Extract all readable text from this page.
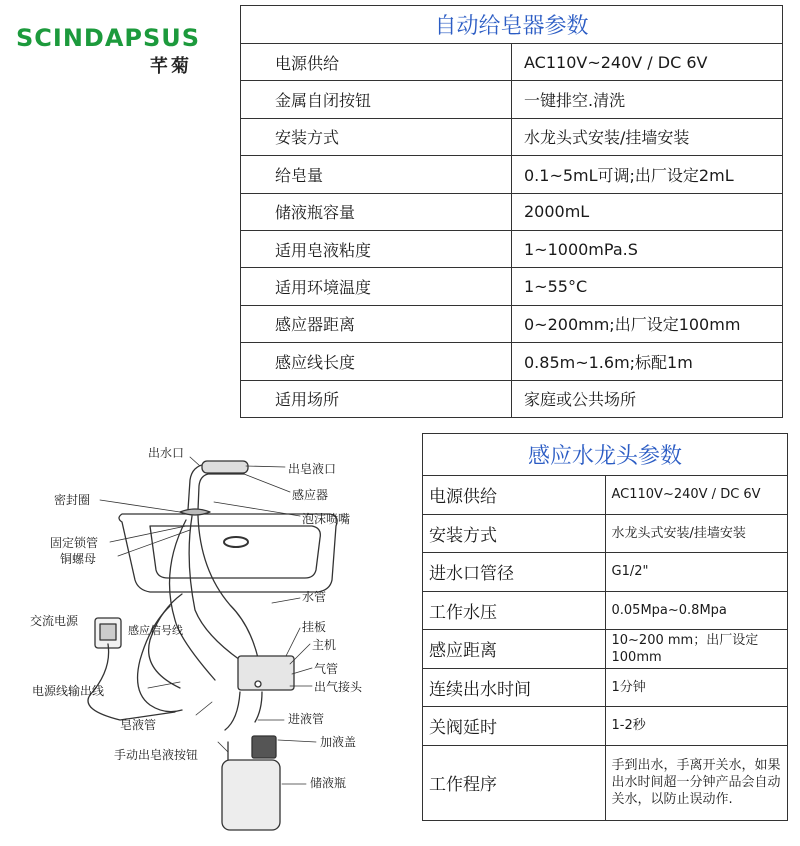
SCINDAPSUS
芊菊
自动给皂器参数	
电源供给	AC110V~240V / DC 6V
金属自闭按钮	一键排空.清洗
安装方式	水龙头式安装/挂墙安装
给皂量	0.1~5mL可调;出厂设定2mL
储液瓶容量	2000mL
适用皂液粘度	1~1000mPa.S
适用环境温度	1~55°C
感应器距离	0~200mm;出厂设定100mm
感应线长度	0.85m~1.6m;标配1m
适用场所	家庭或公共场所
出水口
出皂液口
感应器
泡沫喷嘴
密封圈
固定锁管
铜螺母
交流电源
感应信号线
水管
挂板
主机
气管
出气接头
电源线输出线
皂液管	进液管
手动出皂液按钮
加液盖
储液瓶
感应水龙头参数	
电源供给	AC110V~240V / DC 6V
安装方式	水龙头式安装/挂墙安装
进水口管径	G1/2"
工作水压	0.05Mpa~0.8Mpa
感应距离	10~200 mm；出厂设定100mm
连续出水时间	1分钟
关阀延时	1-2秒
工作程序	手到出水，手离开关水，如果出水时间超一分钟产品会自动关水，以防止误动作.
